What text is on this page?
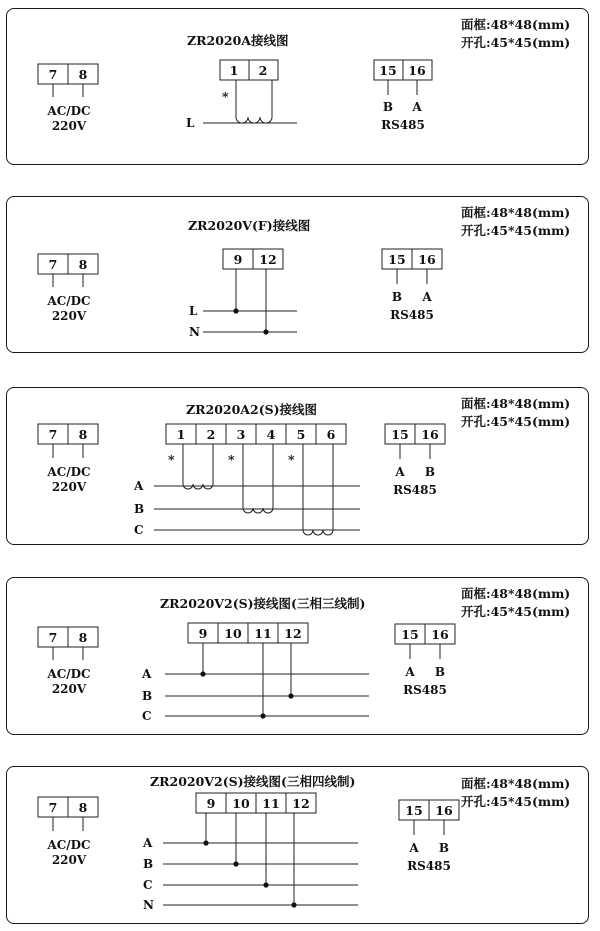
ZR2020A接线图
面框:48*48(mm)
开孔:45*45(mm)
7 8
AC/DC
220V
1 2
*
L
15 16
B A
RS485
ZR2020V(F)接线图
面框:48*48(mm)
开孔:45*45(mm)
7 8
AC/DC
220V
9 12
L
N
15 16
B A
RS485
ZR2020A2(S)接线图	面框:48*48(mm)
开孔:45*45(mm)
7 8
AC/DC
220V
1 2 3 4 5 6
*	*	*
A
B
C
15 16
A B
RS485
ZR2020V2(S)接线图(三相三线制)
面框:48*48(mm)
开孔:45*45(mm)
7 8
AC/DC
220V
9 10 11 12
A
B
C
15 16
A B
RS485
ZR2020V2(S)接线图(三相四线制)	面框:48*48(mm)
开孔:45*45(mm)
7 8
AC/DC
220V
9 10 11 12
A
B
C
N
15 16
A B
RS485
